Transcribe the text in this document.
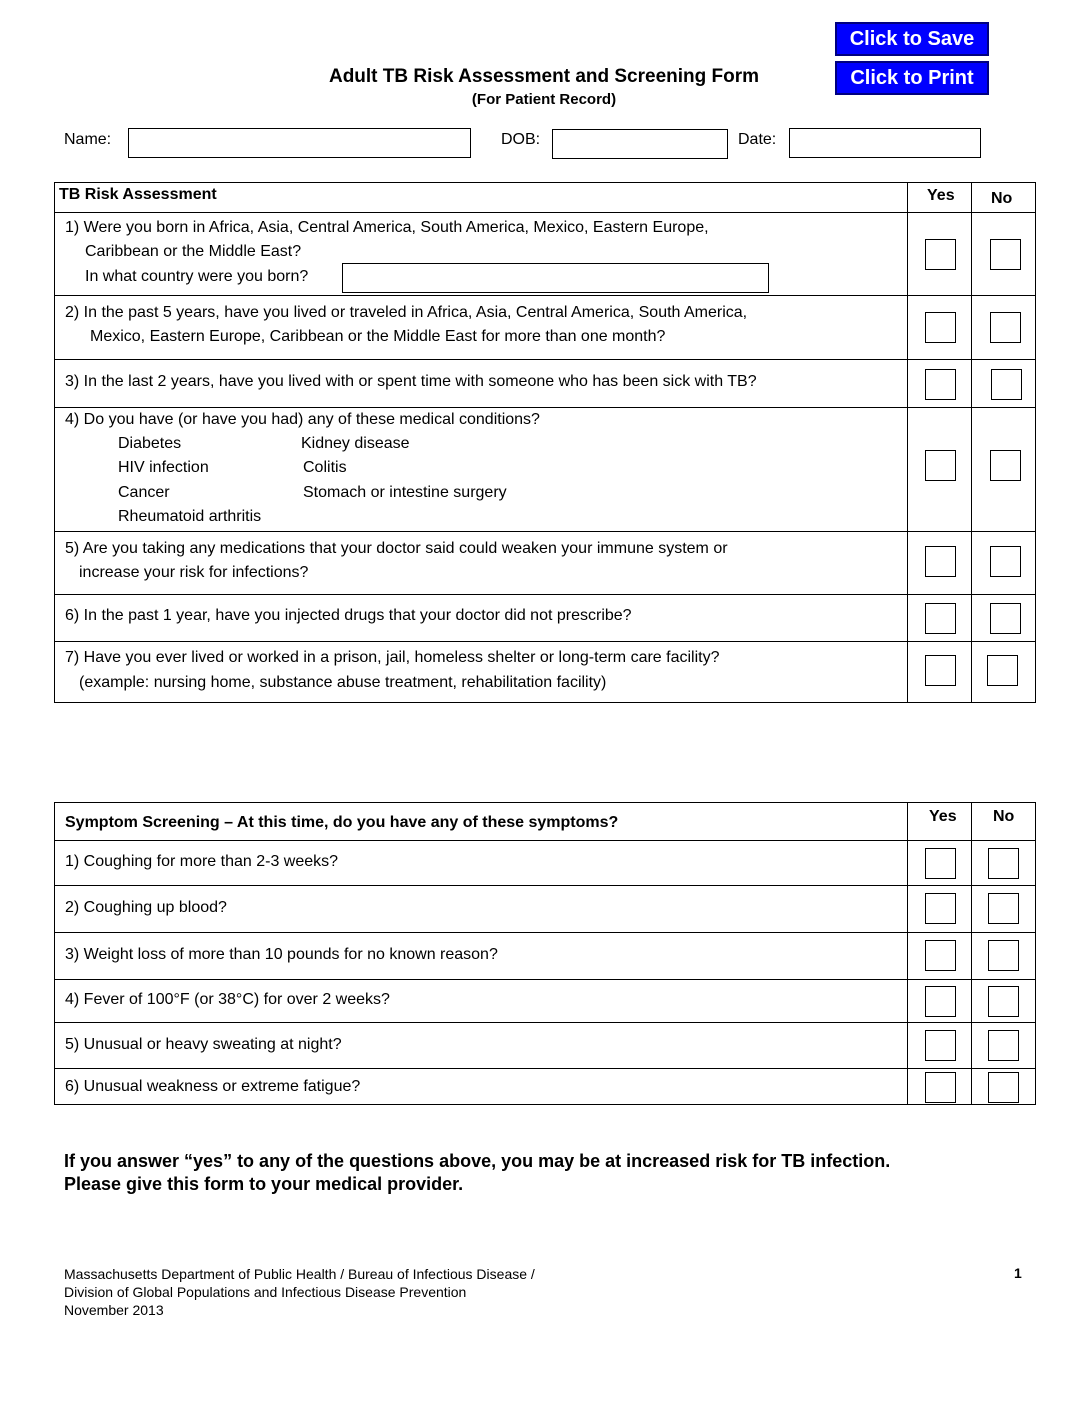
Click to Save
Click to Print
Adult TB Risk Assessment and Screening Form
(For Patient Record)
Name:	DOB:	Date:
TB Risk Assessment	Yes No
1) Were you born in Africa, Asia, Central America, South America, Mexico, Eastern Europe,
Caribbean or the Middle East?
In what country were you born?
2) In the past 5 years, have you lived or traveled in Africa, Asia, Central America, South America,
Mexico, Eastern Europe, Caribbean or the Middle East for more than one month?
3) In the last 2 years, have you lived with or spent time with someone who has been sick with TB?
4) Do you have (or have you had) any of these medical conditions?
Diabetes	Kidney disease
HIV infection	Colitis
Cancer	Stomach or intestine surgery
Rheumatoid arthritis
5) Are you taking any medications that your doctor said could weaken your immune system or
increase your risk for infections?
6) In the past 1 year, have you injected drugs that your doctor did not prescribe?
7) Have you ever lived or worked in a prison, jail, homeless shelter or long-term care facility?
(example: nursing home, substance abuse treatment, rehabilitation facility)
Symptom Screening – At this time, do you have any of these symptoms?	Yes No
1) Coughing for more than 2-3 weeks?
2) Coughing up blood?
3) Weight loss of more than 10 pounds for no known reason?
4) Fever of 100°F (or 38°C) for over 2 weeks?
5) Unusual or heavy sweating at night?
6) Unusual weakness or extreme fatigue?
If you answer “yes” to any of the questions above, you may be at increased risk for TB infection.
Please give this form to your medical provider.
Massachusetts Department of Public Health / Bureau of Infectious Disease /
Division of Global Populations and Infectious Disease Prevention
November 2013
1
